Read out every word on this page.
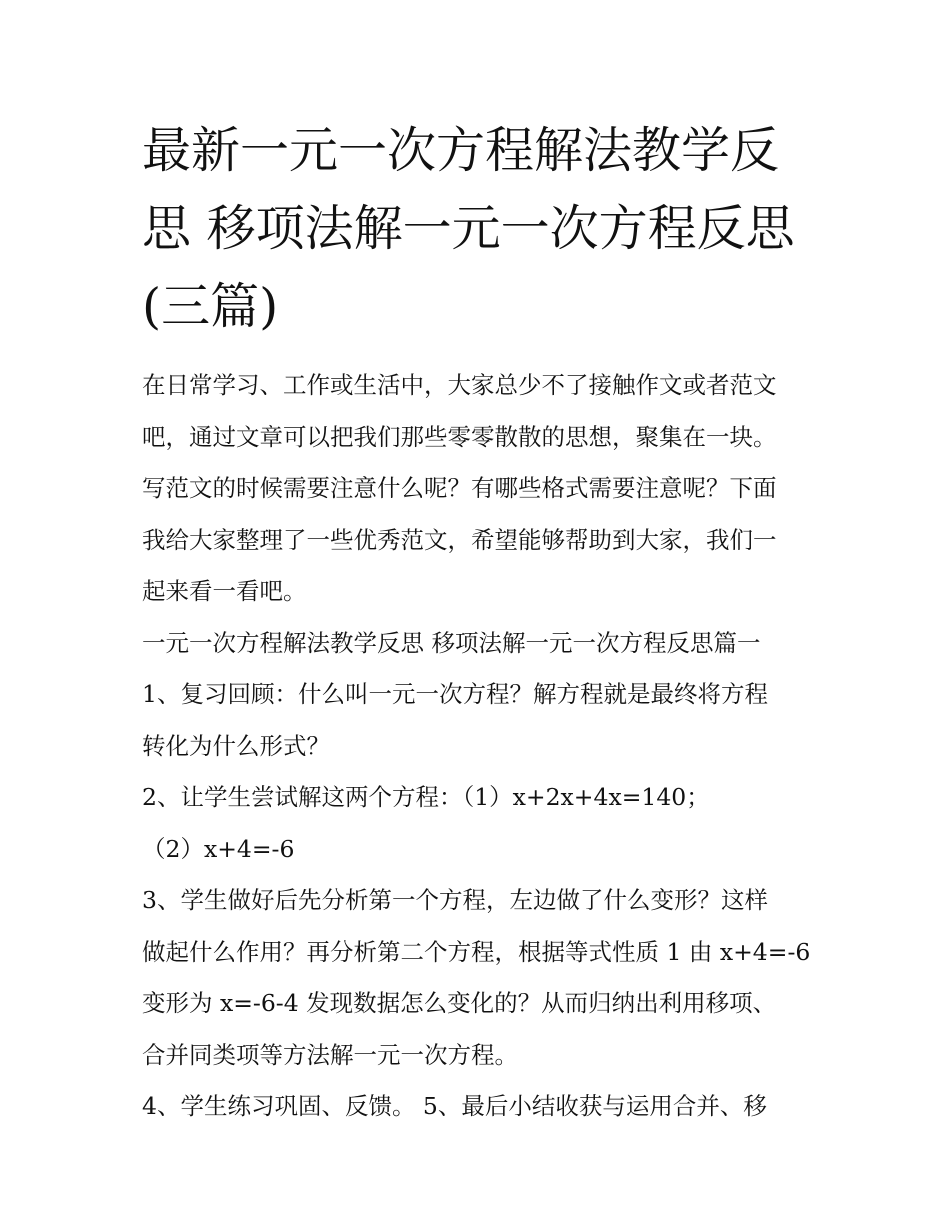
最新一元一次方程解法教学反
思 移项法解一元一次方程反思
(三篇)
在日常学习、工作或生活中，大家总少不了接触作文或者范文
吧，通过文章可以把我们那些零零散散的思想，聚集在一块。
写范文的时候需要注意什么呢？有哪些格式需要注意呢？下面
我给大家整理了一些优秀范文，希望能够帮助到大家，我们一
起来看一看吧。
一元一次方程解法教学反思 移项法解一元一次方程反思篇一
1、复习回顾：什么叫一元一次方程？解方程就是最终将方程
转化为什么形式？
2、让学生尝试解这两个方程：（1）x+2x+4x=140；
（2）x+4=-6
3、学生做好后先分析第一个方程，左边做了什么变形？这样
做起什么作用？再分析第二个方程，根据等式性质 1 由 x+4=-6
变形为 x=-6-4 发现数据怎么变化的？从而归纳出利用移项、
合并同类项等方法解一元一次方程。
4、学生练习巩固、反馈。 5、最后小结收获与运用合并、移
